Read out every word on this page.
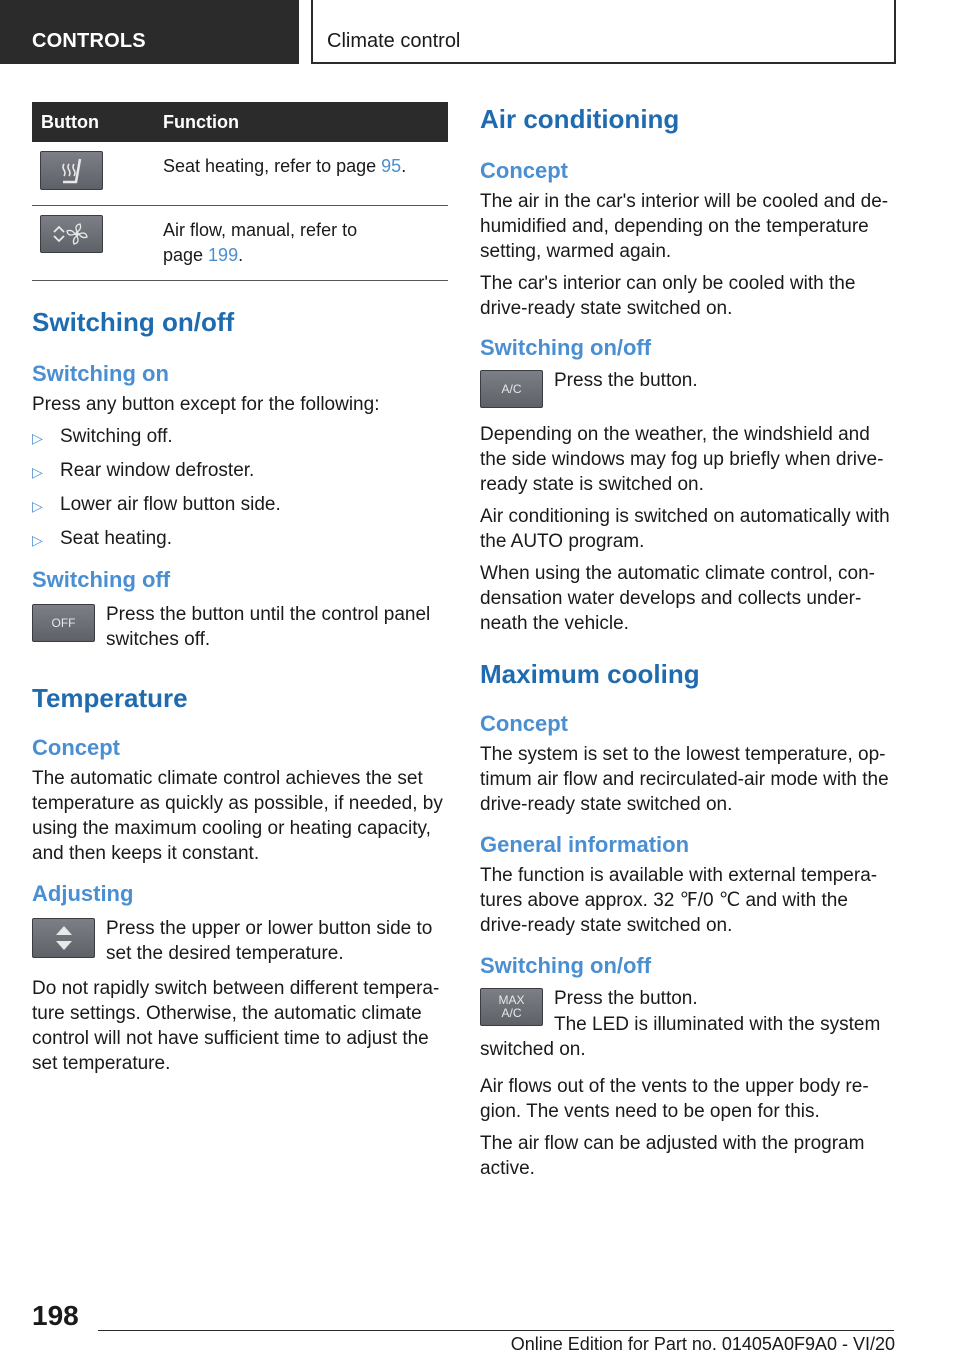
CONTROLS	Climate control
Button	Function

	Seat heating, refer to page 95.

	Air flow, manual, refer to
page 199.
Switching on/off
Switching on

Press any button except for the following:

▷ Switching off.
▷ Rear window defroster.
▷ Lower air flow button side.
▷ Seat heating.
Switching off
OFF	Press the button until the control panel switches off.

Temperature
Concept

The automatic climate control achieves the set temperature as quickly as possible, if needed, by using the maximum cooling or heating capacity, and then keeps it constant.

Adjusting

Press the upper or lower button side to set the desired temperature.

Do not rapidly switch between different tempera-ture settings. Otherwise, the automatic climate control will not have sufficient time to adjust the set temperature.

Air conditioning
Concept

The air in the car's interior will be cooled and de-humidified and, depending on the temperature setting, warmed again.

The car's interior can only be cooled with the drive-ready state switched on.

Switching on/off
A/C	Press the button.

Depending on the weather, the windshield and the side windows may fog up briefly when drive-ready state is switched on.

Air conditioning is switched on automatically with the AUTO program.

When using the automatic climate control, con-densation water develops and collects under-neath the vehicle.

Maximum cooling
Concept

The system is set to the lowest temperature, op-timum air flow and recirculated-air mode with the drive-ready state switched on.

General information

The function is available with external tempera-tures above approx. 32 ℉/0 ℃ and with the drive-ready state switched on.

Switching on/off
MAX
A/C

Press the button.

The LED is illuminated with the system switched on.

Air flows out of the vents to the upper body re-gion. The vents need to be open for this.

The air flow can be adjusted with the program active.

198
Online Edition for Part no. 01405A0F9A0 - VI/20
